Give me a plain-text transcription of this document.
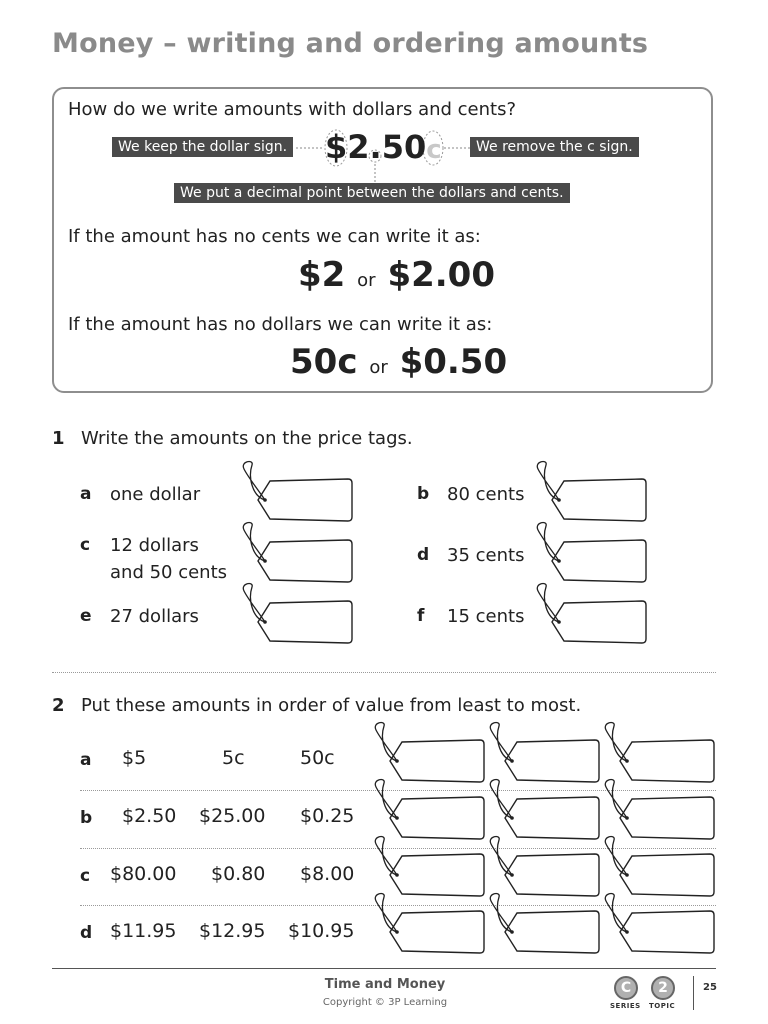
Money – writing and ordering amounts
How do we write amounts with dollars and cents?
We keep the dollar sign.	We remove the c sign.
We put a decimal point between the dollars and cents.
$2.50c
If the amount has no cents we can write it as:
$2 or $2.00
If the amount has no dollars we can write it as:
50c or $0.50
1 Write the amounts on the price tags.
a one dollar
c 12 dollars
and 50 cents
e 27 dollars
b 80 cents
d 35 cents
f 15 cents
2 Put these amounts in order of value from least to most.
a $5	5c	50c
b $2.50 $25.00 $0.25
c $80.00 $0.80 $8.00
d $11.95 $12.95 $10.95
Time and Money
Copyright © 3P Learning
C
SERIES
2
TOPIC
25
